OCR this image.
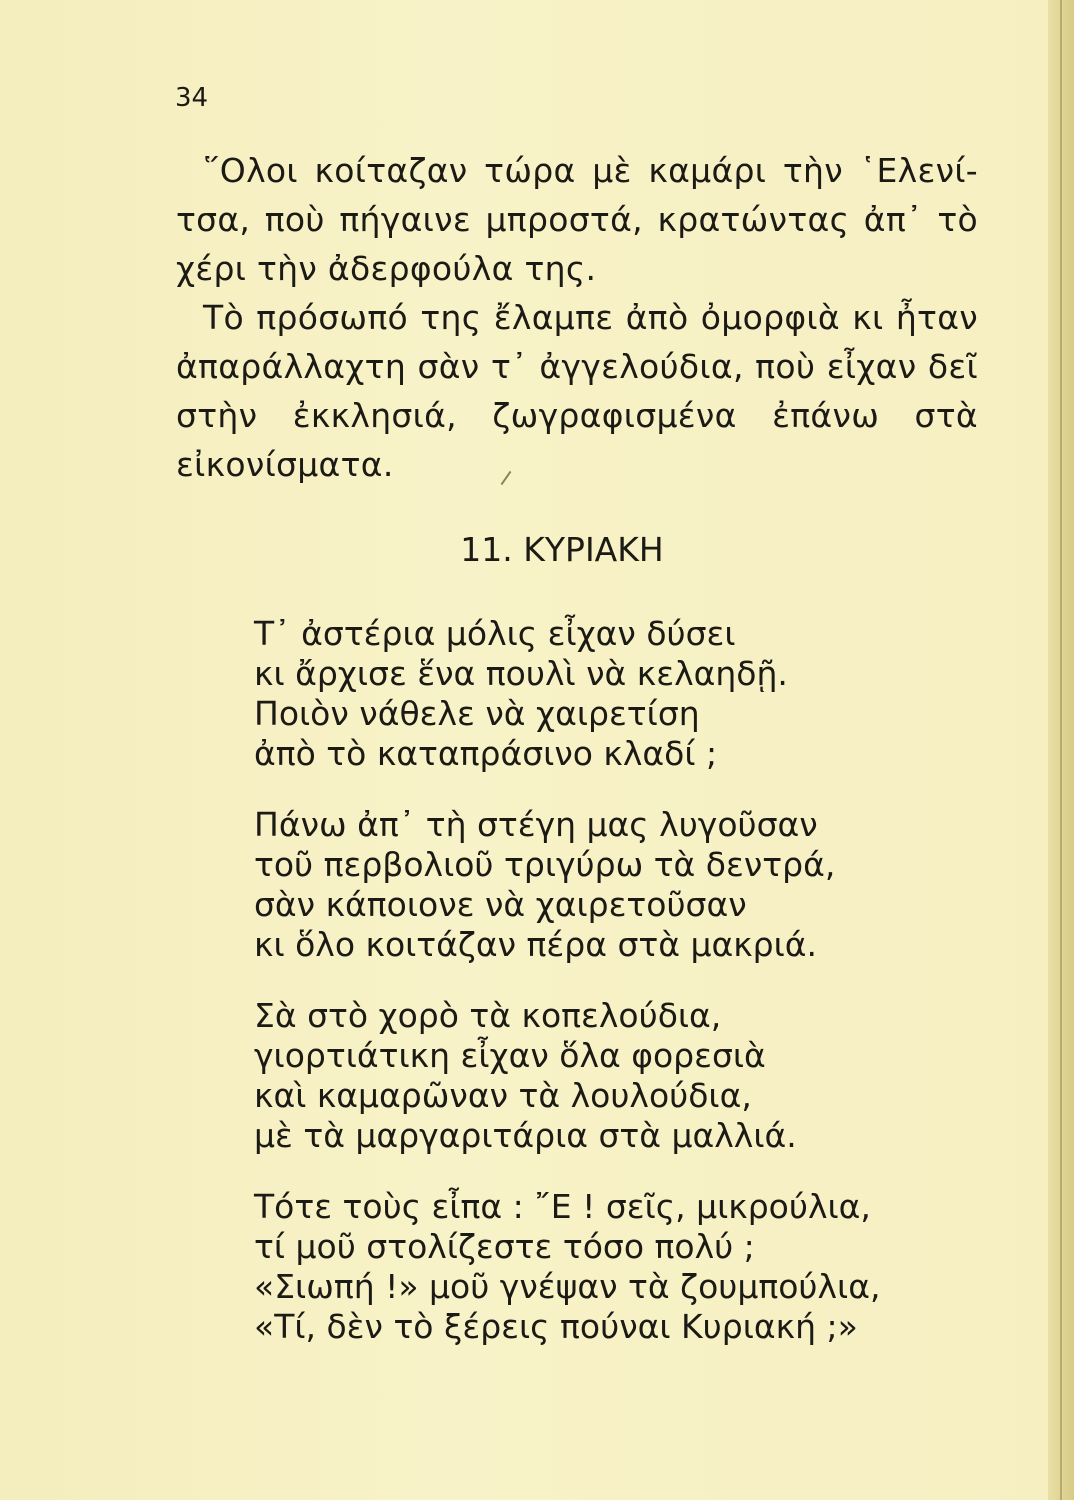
34

῞Ολοι κοίταζαν τώρα μὲ καμάρι τὴν ῾Ελενί-τσα, ποὺ πήγαινε μπροστά, κρατώντας ἀπ᾽ τὸ χέρι τὴν ἀδερφούλα της.

Τὸ πρόσωπό της ἔλαμπε ἀπὸ ὀμορφιὰ κι ἦταν ἀπαράλλαχτη σὰν τ᾽ ἀγγελούδια, ποὺ εἶχαν δεῖ στὴν ἐκκλησιά, ζωγραφισμένα ἐπάνω στὰ εἰκονίσματα.

11. ΚΥΡΙΑΚΗ
Τ᾽ ἀστέρια μόλις εἶχαν δύσει
κι ἄρχισε ἕνα πουλὶ νὰ κελαηδῇ.
Ποιὸν νάθελε νὰ χαιρετίση
ἀπὸ τὸ καταπράσινο κλαδί ;
Πάνω ἀπ᾽ τὴ στέγη μας λυγοῦσαν
τοῦ περβολιοῦ τριγύρω τὰ δεντρά,
σὰν κάποιονε νὰ χαιρετοῦσαν
κι ὅλο κοιτάζαν πέρα στὰ μακριά.
Σὰ στὸ χορὸ τὰ κοπελούδια,
γιορτιάτικη εἶχαν ὅλα φορεσιὰ
καὶ καμαρῶναν τὰ λουλούδια,
μὲ τὰ μαργαριτάρια στὰ μαλλιά.
Τότε τοὺς εἶπα : ῎Ε ! σεῖς, μικρούλια,
τί μοῦ στολίζεστε τόσο πολύ ;
«Σιωπή !» μοῦ γνέψαν τὰ ζουμπούλια,
«Τί, δὲν τὸ ξέρεις πούναι Κυριακή ;»
